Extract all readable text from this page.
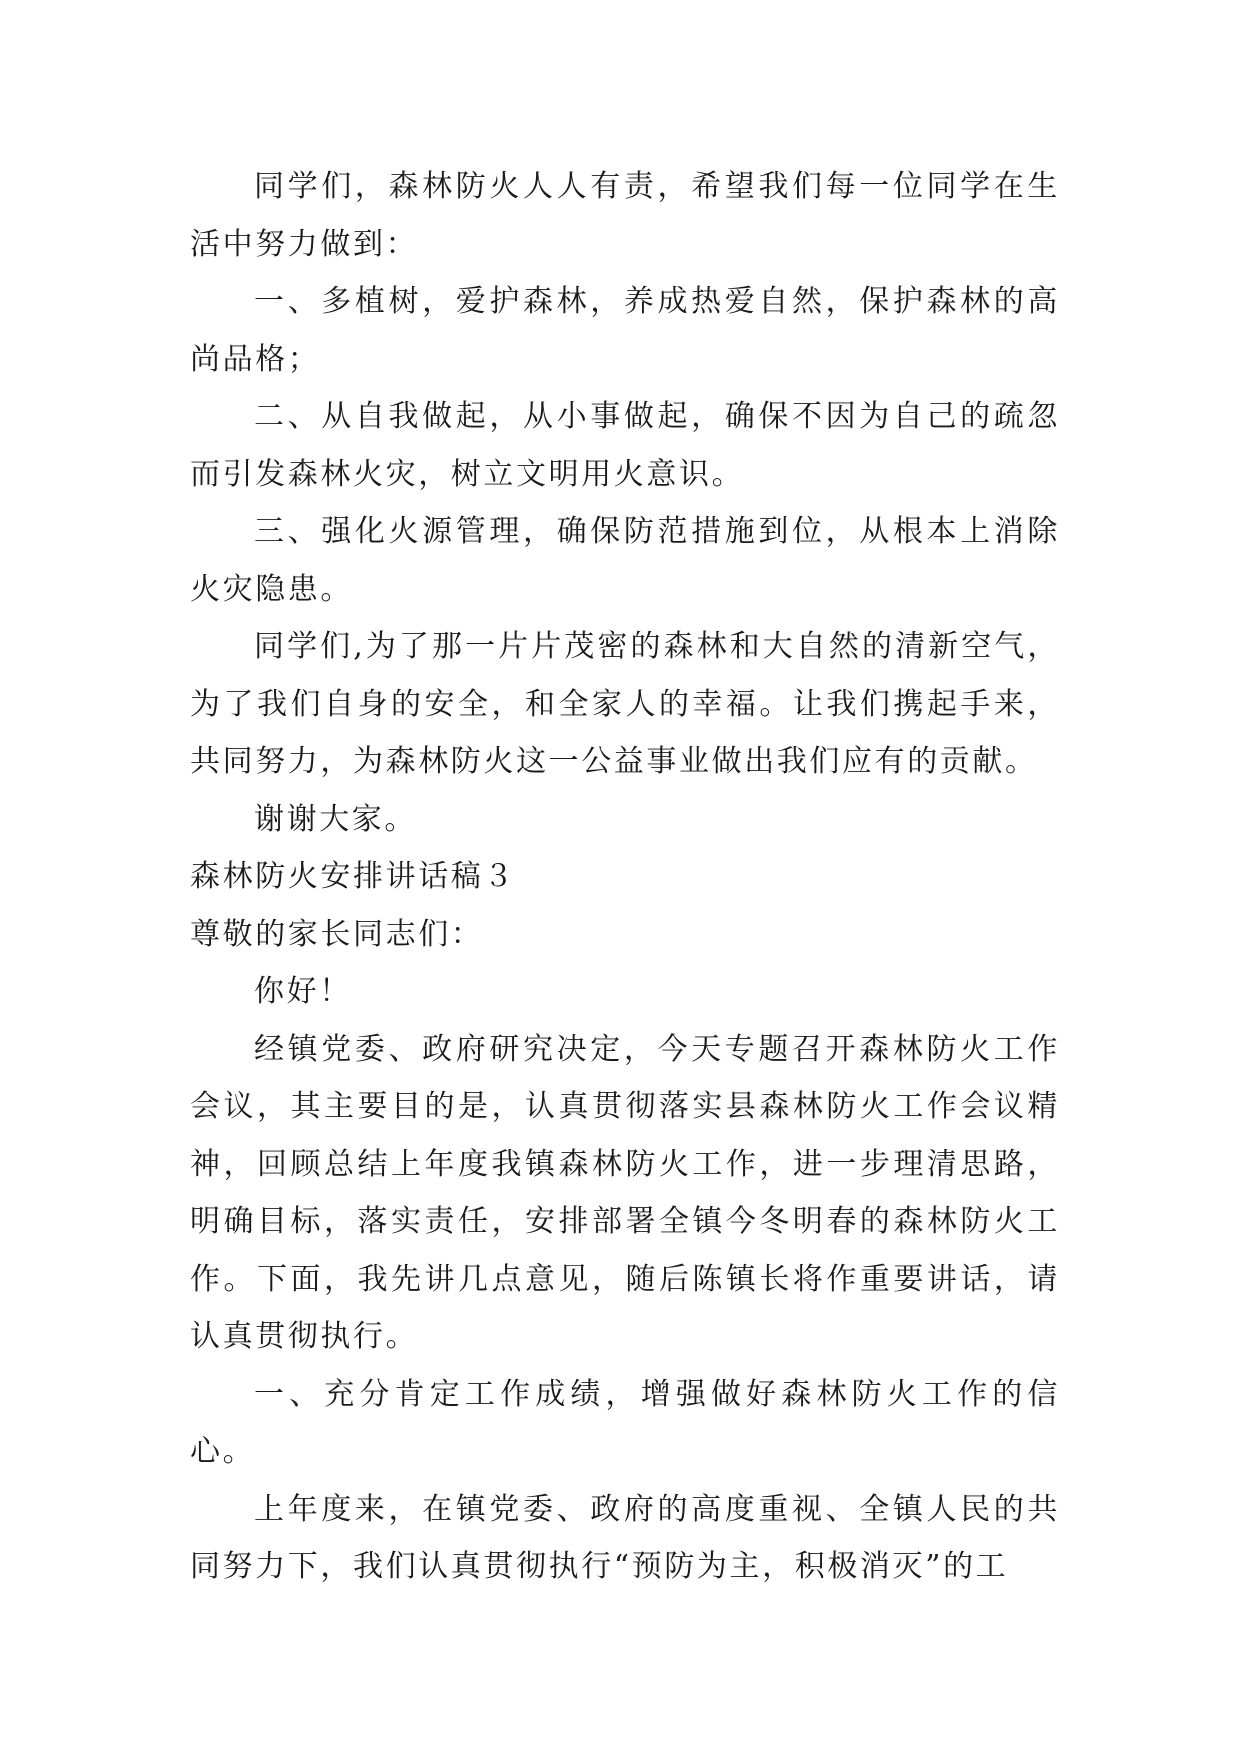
同学们，森林防火人人有责，希望我们每一位同学在生活中努力做到：

一、多植树，爱护森林，养成热爱自然，保护森林的高尚品格；

二、从自我做起，从小事做起，确保不因为自己的疏忽而引发森林火灾，树立文明用火意识。

三、强化火源管理，确保防范措施到位，从根本上消除火灾隐患。

同学们,为了那一片片茂密的森林和大自然的清新空气，为了我们自身的安全，和全家人的幸福。让我们携起手来，共同努力，为森林防火这一公益事业做出我们应有的贡献。

谢谢大家。

森林防火安排讲话稿３

尊敬的家长同志们：

你好！

经镇党委、政府研究决定，今天专题召开森林防火工作会议，其主要目的是，认真贯彻落实县森林防火工作会议精神，回顾总结上年度我镇森林防火工作，进一步理清思路，明确目标，落实责任，安排部署全镇今冬明春的森林防火工作。下面，我先讲几点意见，随后陈镇长将作重要讲话，请认真贯彻执行。

一、充分肯定工作成绩，增强做好森林防火工作的信心。

上年度来，在镇党委、政府的高度重视、全镇人民的共同努力下，我们认真贯彻执行“预防为主，积极消灭”的工
